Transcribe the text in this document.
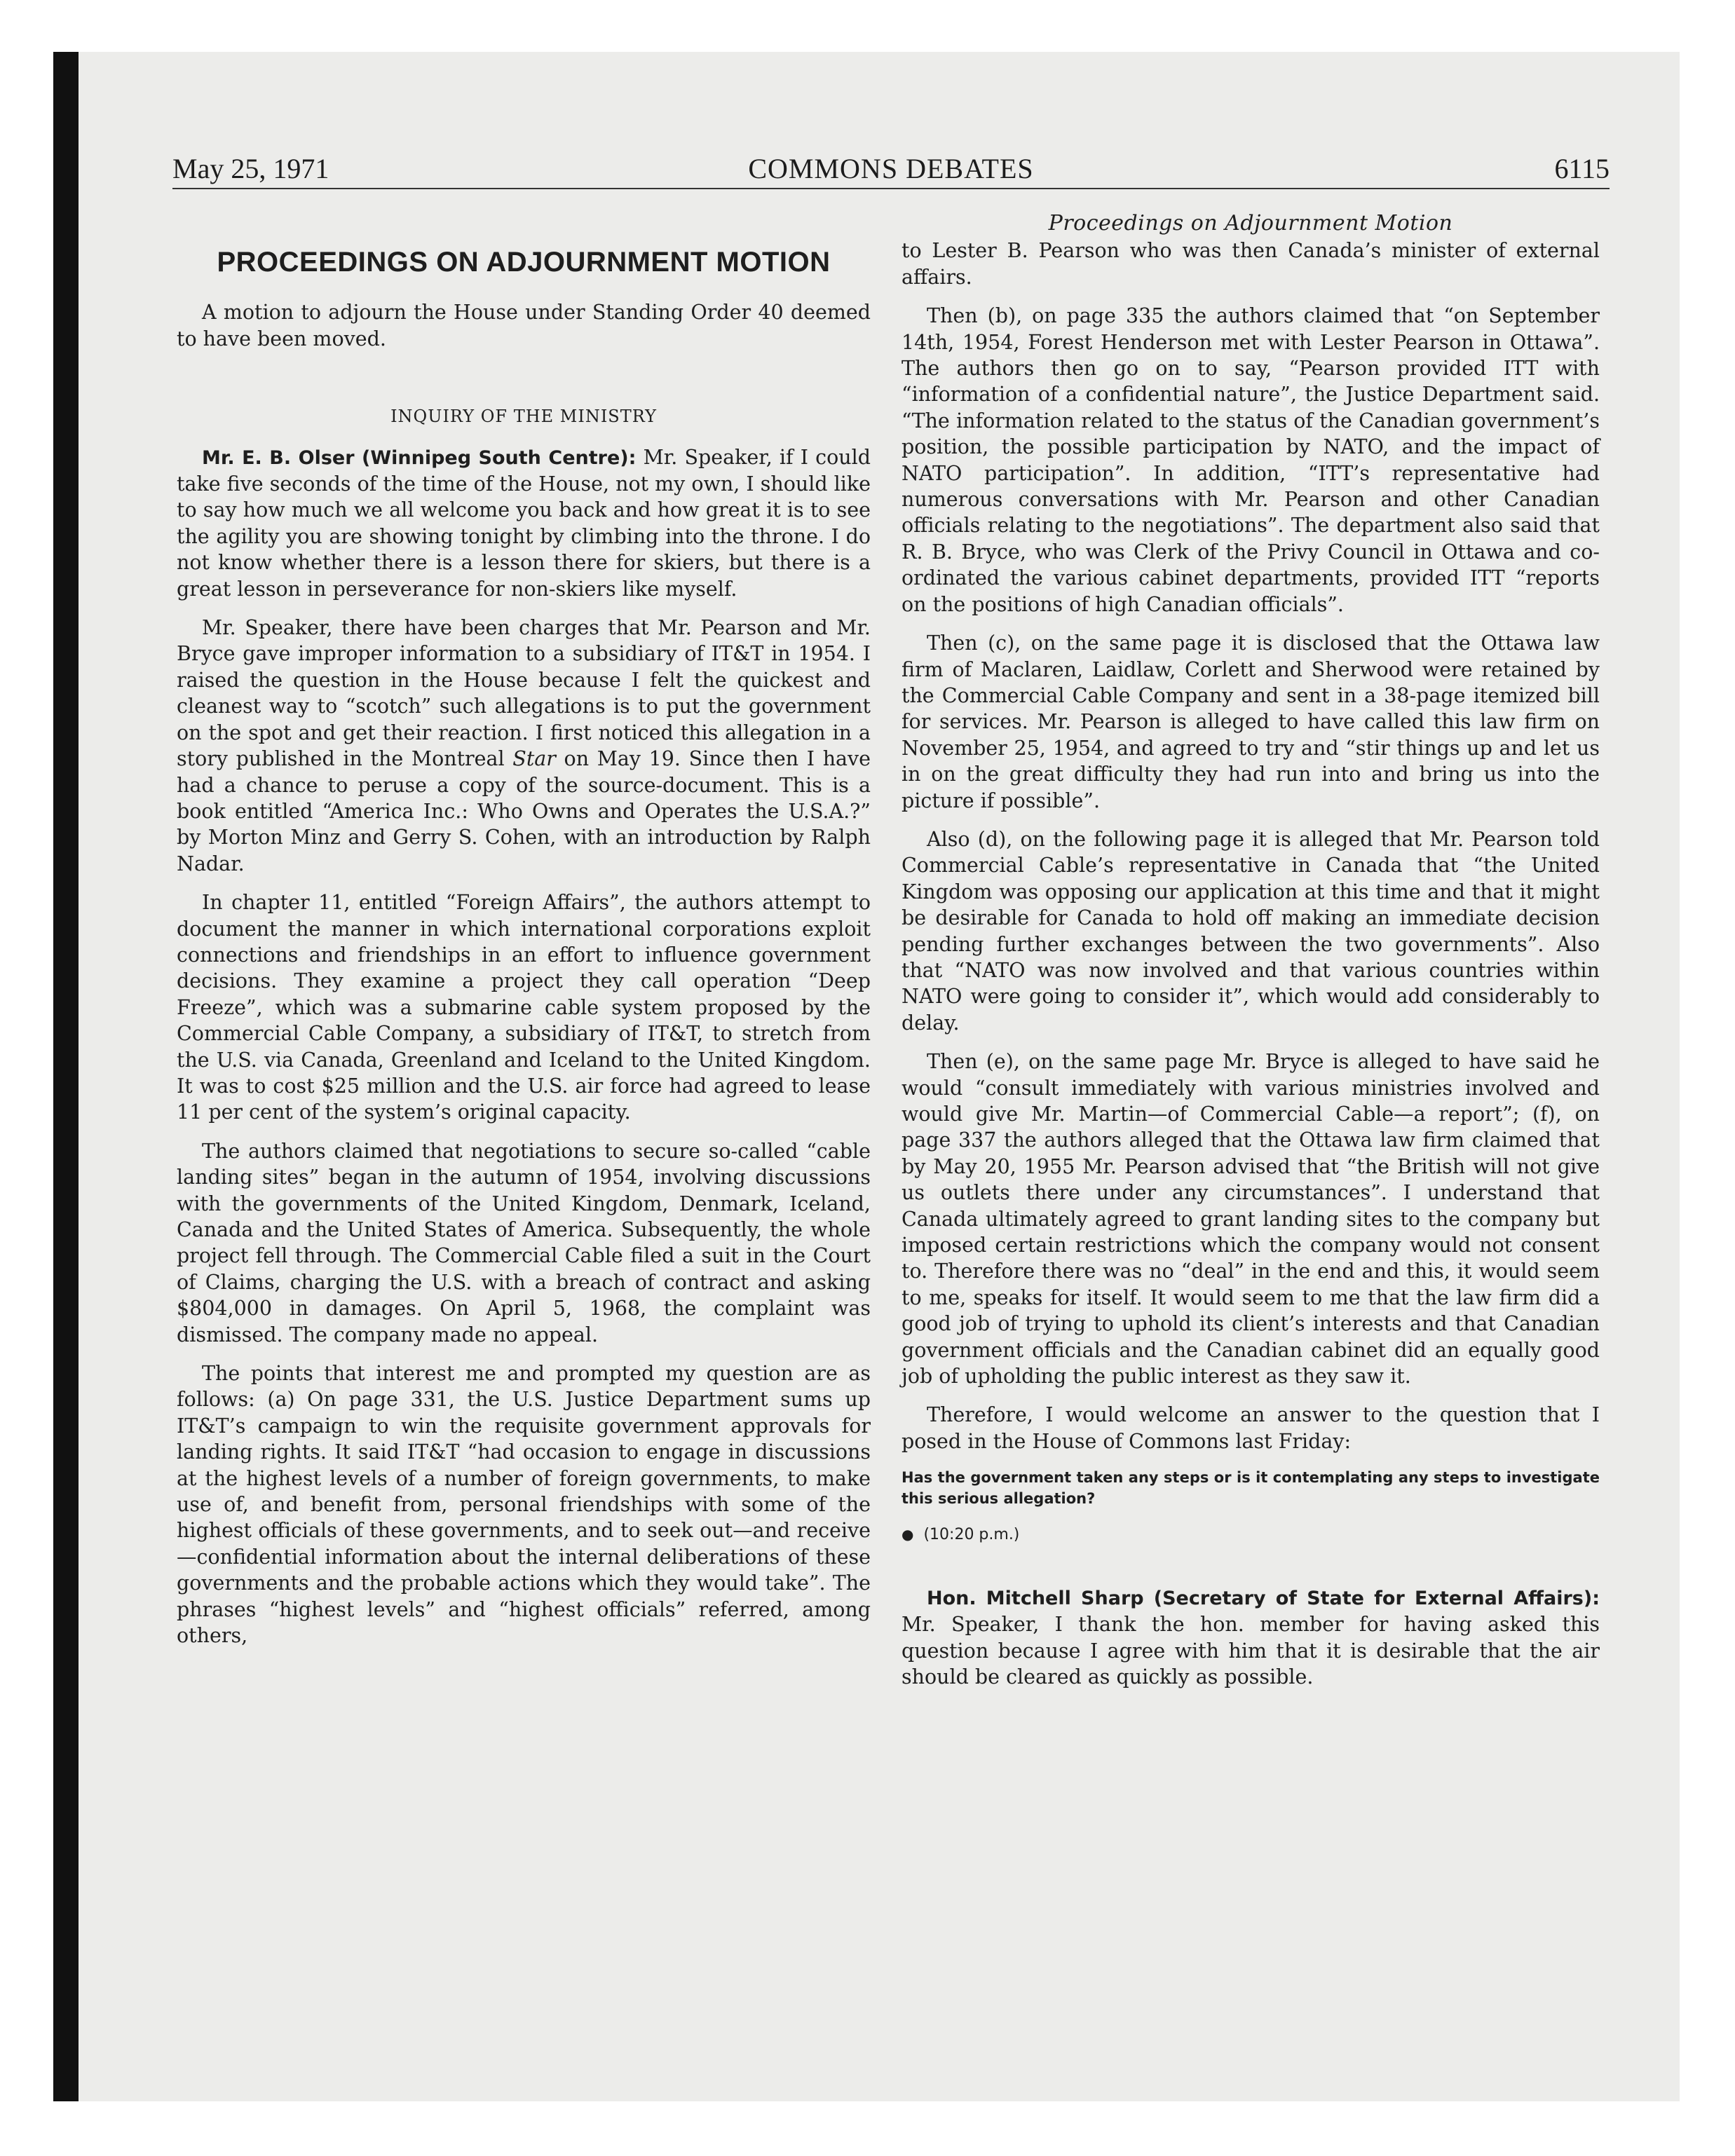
May 25, 1971	COMMONS DEBATES	6115
PROCEEDINGS ON ADJOURNMENT MOTION

A motion to adjourn the House under Standing Order 40 deemed to have been moved.

INQUIRY OF THE MINISTRY

Mr. E. B. Olser (Winnipeg South Centre): Mr. Speaker, if I could take five seconds of the time of the House, not my own, I should like to say how much we all welcome you back and how great it is to see the agility you are showing tonight by climbing into the throne. I do not know whether there is a lesson there for skiers, but there is a great lesson in perseverance for non-skiers like myself.

Mr. Speaker, there have been charges that Mr. Pearson and Mr. Bryce gave improper information to a subsidiary of IT&T in 1954. I raised the question in the House because I felt the quickest and cleanest way to “scotch” such allegations is to put the government on the spot and get their reaction. I first noticed this allegation in a story published in the Montreal Star on May 19. Since then I have had a chance to peruse a copy of the source-document. This is a book entitled “America Inc.: Who Owns and Operates the U.S.A.?” by Morton Minz and Gerry S. Cohen, with an introduction by Ralph Nadar.

In chapter 11, entitled “Foreign Affairs”, the authors attempt to document the manner in which international corporations exploit connections and friendships in an effort to influence government decisions. They examine a project they call operation “Deep Freeze”, which was a submarine cable system proposed by the Commercial Cable Company, a subsidiary of IT&T, to stretch from the U.S. via Canada, Greenland and Iceland to the United Kingdom. It was to cost $25 million and the U.S. air force had agreed to lease 11 per cent of the system’s original capacity.

The authors claimed that negotiations to secure so-called “cable landing sites” began in the autumn of 1954, involving discussions with the governments of the United Kingdom, Denmark, Iceland, Canada and the United States of America. Subsequently, the whole project fell through. The Commercial Cable filed a suit in the Court of Claims, charging the U.S. with a breach of contract and asking $804,000 in damages. On April 5, 1968, the complaint was dismissed. The company made no appeal.

The points that interest me and prompted my question are as follows: (a) On page 331, the U.S. Justice Department sums up IT&T’s campaign to win the requisite government approvals for landing rights. It said IT&T “had occasion to engage in discussions at the highest levels of a number of foreign governments, to make use of, and benefit from, personal friendships with some of the highest officials of these governments, and to seek out—and receive—confidential information about the internal deliberations of these governments and the probable actions which they would take”. The phrases “highest levels” and “highest officials” referred, among others,

Proceedings on Adjournment Motion

to Lester B. Pearson who was then Canada’s minister of external affairs.

Then (b), on page 335 the authors claimed that “on September 14th, 1954, Forest Henderson met with Lester Pearson in Ottawa”. The authors then go on to say, “Pearson provided ITT with “information of a confidential nature”, the Justice Department said. “The information related to the status of the Canadian government’s position, the possible participation by NATO, and the impact of NATO participation”. In addition, “ITT’s representative had numerous conversations with Mr. Pearson and other Canadian officials relating to the negotiations”. The department also said that R. B. Bryce, who was Clerk of the Privy Council in Ottawa and co-ordinated the various cabinet departments, provided ITT “reports on the positions of high Canadian officials”.

Then (c), on the same page it is disclosed that the Ottawa law firm of Maclaren, Laidlaw, Corlett and Sherwood were retained by the Commercial Cable Company and sent in a 38-page itemized bill for services. Mr. Pearson is alleged to have called this law firm on November 25, 1954, and agreed to try and “stir things up and let us in on the great difficulty they had run into and bring us into the picture if possible”.

Also (d), on the following page it is alleged that Mr. Pearson told Commercial Cable’s representative in Canada that “the United Kingdom was opposing our application at this time and that it might be desirable for Canada to hold off making an immediate decision pending further exchanges between the two governments”. Also that “NATO was now involved and that various countries within NATO were going to consider it”, which would add considerably to delay.

Then (e), on the same page Mr. Bryce is alleged to have said he would “consult immediately with various ministries involved and would give Mr. Martin—of Commercial Cable—a report”; (f), on page 337 the authors alleged that the Ottawa law firm claimed that by May 20, 1955 Mr. Pearson advised that “the British will not give us outlets there under any circumstances”. I understand that Canada ultimately agreed to grant landing sites to the company but imposed certain restrictions which the company would not consent to. Therefore there was no “deal” in the end and this, it would seem to me, speaks for itself. It would seem to me that the law firm did a good job of trying to uphold its client’s interests and that Canadian government officials and the Canadian cabinet did an equally good job of upholding the public interest as they saw it.

Therefore, I would welcome an answer to the question that I posed in the House of Commons last Friday:

Has the government taken any steps or is it contemplating any steps to investigate this serious allegation?

● (10:20 p.m.)

Hon. Mitchell Sharp (Secretary of State for External Affairs): Mr. Speaker, I thank the hon. member for having asked this question because I agree with him that it is desirable that the air should be cleared as quickly as possible.
